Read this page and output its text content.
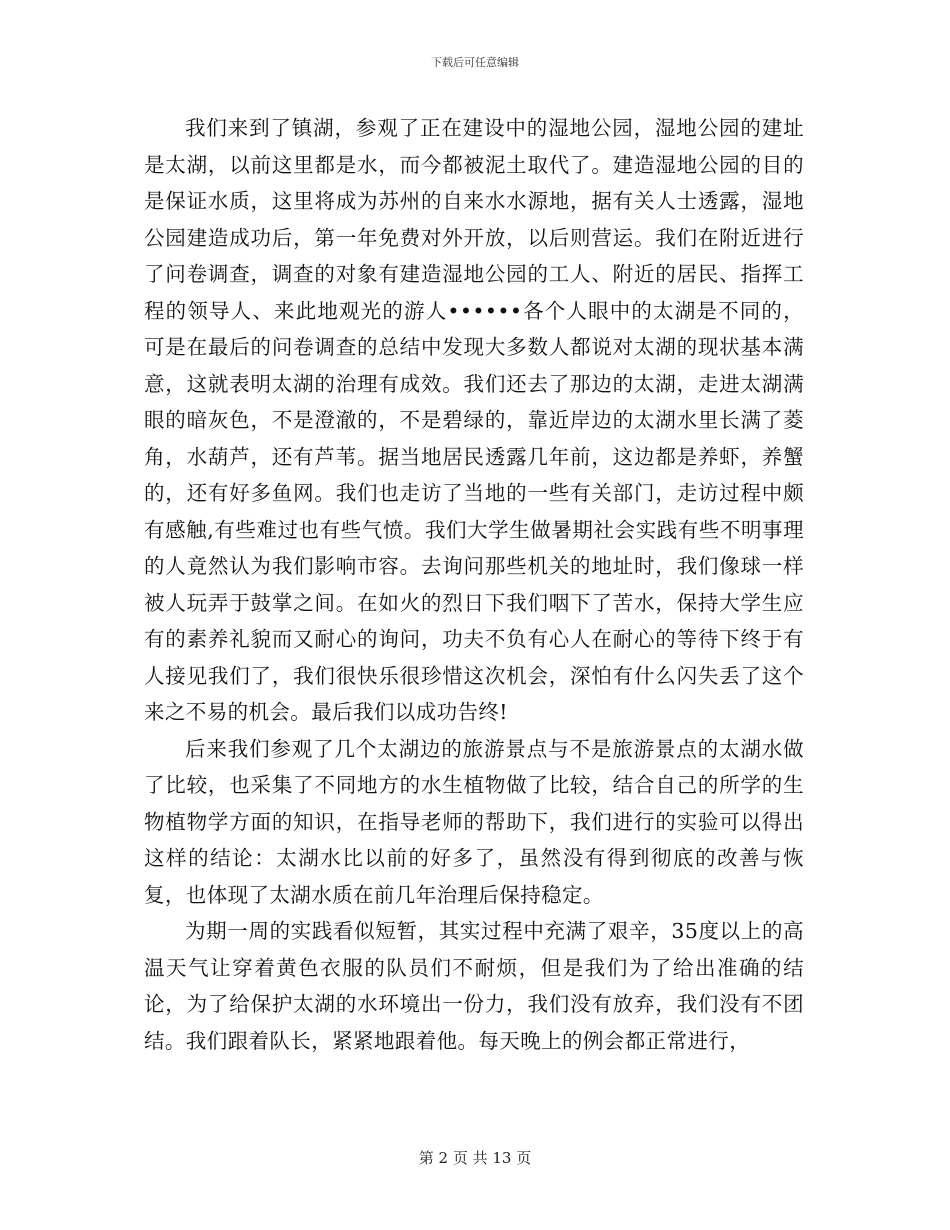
下载后可任意编辑

我们来到了镇湖，参观了正在建设中的湿地公园，湿地公园的建址是太湖，以前这里都是水，而今都被泥土取代了。建造湿地公园的目的是保证水质，这里将成为苏州的自来水水源地，据有关人士透露，湿地公园建造成功后，第一年免费对外开放，以后则营运。我们在附近进行了问卷调查，调查的对象有建造湿地公园的工人、附近的居民、指挥工程的领导人、来此地观光的游人••••••各个人眼中的太湖是不同的，可是在最后的问卷调查的总结中发现大多数人都说对太湖的现状基本满意，这就表明太湖的治理有成效。我们还去了那边的太湖，走进太湖满眼的暗灰色，不是澄澈的，不是碧绿的，靠近岸边的太湖水里长满了菱角，水葫芦，还有芦苇。据当地居民透露几年前，这边都是养虾，养蟹的，还有好多鱼网。我们也走访了当地的一些有关部门，走访过程中颇有感触,有些难过也有些气愤。我们大学生做暑期社会实践有些不明事理的人竟然认为我们影响市容。去询问那些机关的地址时，我们像球一样被人玩弄于鼓掌之间。在如火的烈日下我们咽下了苦水，保持大学生应有的素养礼貌而又耐心的询问，功夫不负有心人在耐心的等待下终于有人接见我们了，我们很快乐很珍惜这次机会，深怕有什么闪失丢了这个来之不易的机会。最后我们以成功告终!

后来我们参观了几个太湖边的旅游景点与不是旅游景点的太湖水做了比较，也采集了不同地方的水生植物做了比较，结合自己的所学的生物植物学方面的知识，在指导老师的帮助下，我们进行的实验可以得出这样的结论：太湖水比以前的好多了，虽然没有得到彻底的改善与恢复，也体现了太湖水质在前几年治理后保持稳定。

为期一周的实践看似短暂，其实过程中充满了艰辛，35度以上的高温天气让穿着黄色衣服的队员们不耐烦，但是我们为了给出准确的结论，为了给保护太湖的水环境出一份力，我们没有放弃，我们没有不团结。我们跟着队长，紧紧地跟着他。每天晚上的例会都正常进行，

第 2 页 共 13 页
